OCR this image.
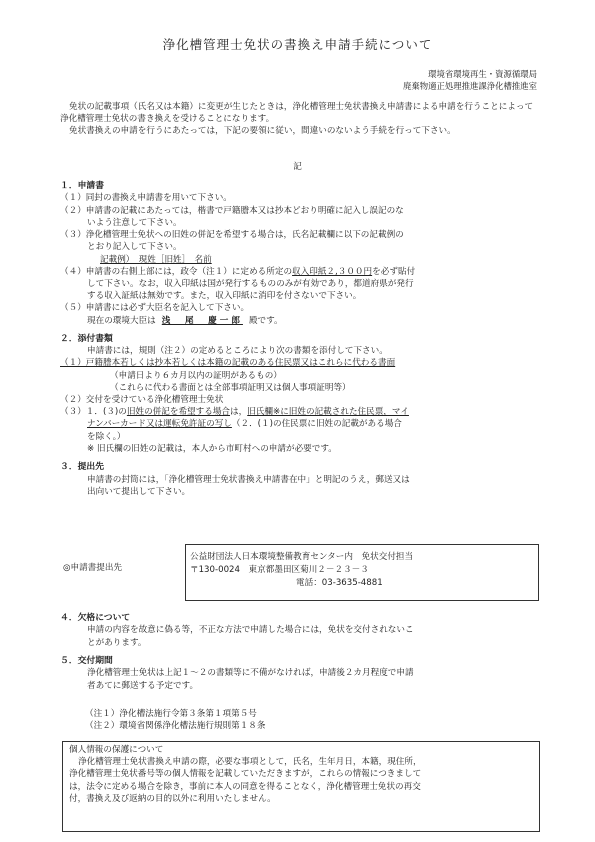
浄化槽管理士免状の書換え申請手続について
環境省環境再生・資源循環局
廃棄物適正処理推進課浄化槽推進室

免状の記載事項（氏名又は本籍）に変更が生じたときは，浄化槽管理士免状書換え申請書による申請を行うことによって浄化槽管理士免状の書き換えを受けることになります。

免状書換えの申請を行うにあたっては，下記の要領に従い，間違いのないよう手続を行って下さい。

記

１．申請書

（１）同封の書換え申請書を用いて下さい。

（２）申請書の記載にあたっては，楷書で戸籍謄本又は抄本どおり明確に記入し誤記のな

いよう注意して下さい。

（３）浄化槽管理士免状への旧姓の併記を希望する場合は，氏名記載欄に以下の記載例の

とおり記入して下さい。

記載例）　現姓［旧姓］　名前

（４）申請書の右側上部には，政令（注１）に定める所定の収入印紙２,３００円を必ず貼付

して下さい。なお，収入印紙は国が発行するもののみが有効であり，都道府県が発行

する収入証紙は無効です。また，収入印紙に消印を付さないで下さい。

（５）申請書には必ず大臣名を記入して下さい。

現在の環境大臣は 浅　尾　慶一郎 殿です。

２．添付書類

申請書には，規則（注２）の定めるところにより次の書類を添付して下さい。

（１）戸籍謄本若しくは抄本若しくは本籍の記載のある住民票又はこれらに代わる書面

（申請日より６カ月以内の証明があるもの）

（これらに代わる書面とは全部事項証明又は個人事項証明等）

（２）交付を受けている浄化槽管理士免状

（３）１．(３)の旧姓の併記を希望する場合は，旧氏欄※に旧姓の記載された住民票，マイ

ナンバーカード又は運転免許証の写し（２．(１)の住民票に旧姓の記載がある場合

を除く。）

※ 旧氏欄の旧姓の記載は，本人から市町村への申請が必要です。

３．提出先

申請書の封筒には，「浄化槽管理士免状書換え申請書在中」と明記のうえ，郵送又は

出向いて提出して下さい。

◎申請書提出先
公益財団法人日本環境整備教育センター内　免状交付担当
〒130-0024　東京都墨田区菊川２－２３－３
電話：03-3635-4881

４．欠格について

申請の内容を故意に偽る等，不正な方法で申請した場合には，免状を交付されないこ

とがあります。

５．交付期間

浄化槽管理士免状は上記１～２の書類等に不備がなければ，申請後２カ月程度で申請

者あてに郵送する予定です。

（注１）浄化槽法施行令第３条第１項第５号

（注２）環境省関係浄化槽法施行規則第１８条

個人情報の保護について

浄化槽管理士免状書換え申請の際，必要な事項として，氏名，生年月日，本籍，現住所，

浄化槽管理士免状番号等の個人情報を記載していただきますが，これらの情報につきまして

は，法令に定める場合を除き，事前に本人の同意を得ることなく，浄化槽管理士免状の再交

付，書換え及び返納の目的以外に利用いたしません。
